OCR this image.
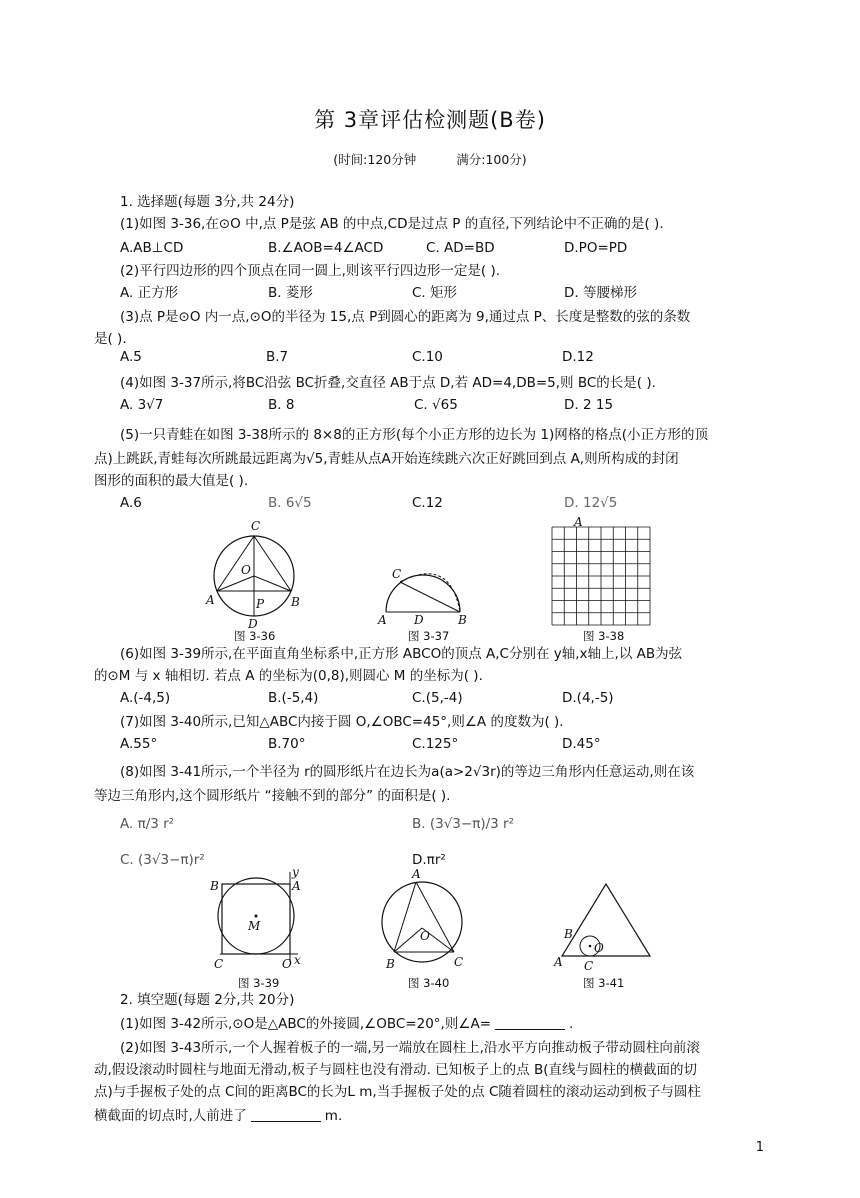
第 3章评估检测题(B卷)
(时间:120分钟	满分:100分)
1. 选择题(每题 3分,共 24分)
(1)如图 3-36,在⊙O 中,点 P是弦 AB 的中点,CD是过点 P 的直径,下列结论中不正确的是( ).
A.AB⊥CD	B.∠AOB=4∠ACD	C. AD=BD	D.PO=PD
(2)平行四边形的四个顶点在同一圆上,则该平行四边形一定是( ).
A. 正方形	B. 菱形	C. 矩形	D. 等腰梯形
(3)点 P是⊙O 内一点,⊙O的半径为 15,点 P到圆心的距离为 9,通过点 P、长度是整数的弦的条数
是( ).
A.5	B.7	C.10	D.12
(4)如图 3-37所示,将BC沿弦 BC折叠,交直径 AB于点 D,若 AD=4,DB=5,则 BC的长是( ).
A. 3√7	B. 8	C. √65	D. 2 15
(5)一只青蛙在如图 3-38所示的 8×8的正方形(每个小正方形的边长为 1)网格的格点(小正方形的顶
点)上跳跃,青蛙每次所跳最远距离为√5,青蛙从点A开始连续跳六次正好跳回到点 A,则所构成的封闭
图形的面积的最大值是( ).
A.6	B. 6√5	C.12	D. 12√5
C
O
A	P B
D
图 3-36
C
A D	B
图 3-37
A
图 3-38
(6)如图 3-39所示,在平面直角坐标系中,正方形 ABCO的顶点 A,C分别在 y轴,x轴上,以 AB为弦
的⊙M 与 x 轴相切. 若点 A 的坐标为(0,8),则圆心 M 的坐标为( ).
A.(-4,5)	B.(-5,4)	C.(5,-4)	D.(4,-5)
(7)如图 3-40所示,已知△ABC内接于圆 O,∠OBC=45°,则∠A 的度数为( ).
A.55°	B.70°	C.125°	D.45°
(8)如图 3-41所示,一个半径为 r的圆形纸片在边长为a(a>2√3r)的等边三角形内任意运动,则在该
等边三角形内,这个圆形纸片 “接触不到的部分” 的面积是( ).
A. π/3 r²	B. (3√3−π)/3 r²
C. (3√3−π)r²	D.πr²
B	A
y
M
C	O x
图 3-39
A
O
B	C
图 3-40
B
O
A C
图 3-41
2. 填空题(每题 2分,共 20分)
(1)如图 3-42所示,⊙O是△ABC的外接圆,∠OBC=20°,则∠A=	.
(2)如图 3-43所示,一个人握着板子的一端,另一端放在圆柱上,沿水平方向推动板子带动圆柱向前滚
动,假设滚动时圆柱与地面无滑动,板子与圆柱也没有滑动. 已知板子上的点 B(直线与圆柱的横截面的切
点)与手握板子处的点 C间的距离BC的长为L m,当手握板子处的点 C随着圆柱的滚动运动到板子与圆柱
横截面的切点时,人前进了	m.
1
